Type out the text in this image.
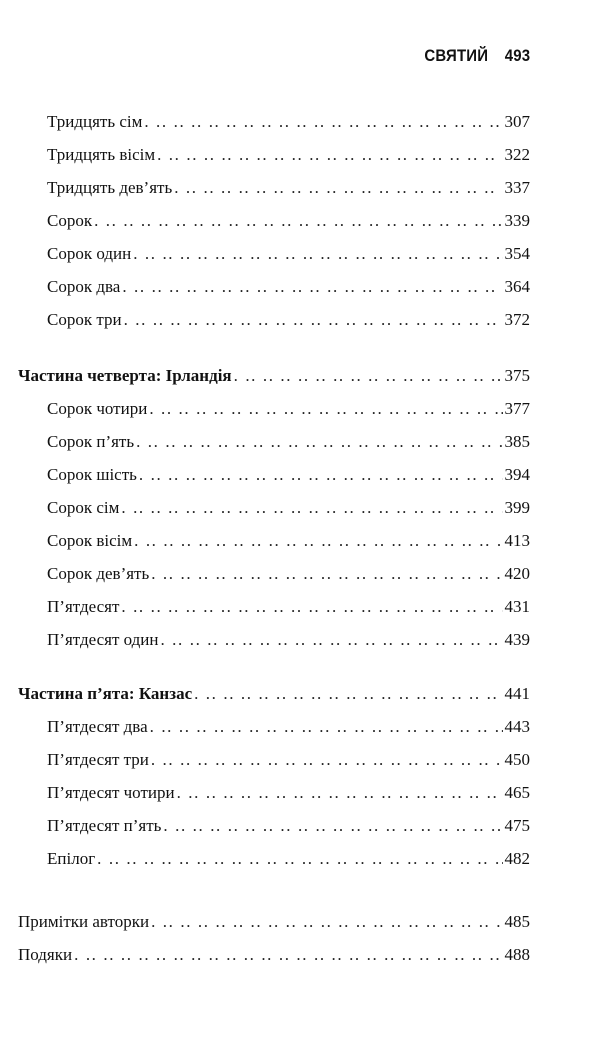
СВЯТИЙ 493
Тридцять сім . ..	307
Тридцять вісім . ..	322
Тридцять дев’ять . ..	337
Сорок . ..	339
Сорок один . ..	354
Сорок два . ..	364
Сорок три . ..	372
Частина четверта: Ірландія . ..	375
Сорок чотири . ..	377
Сорок п’ять . ..	385
Сорок шість . ..	394
Сорок сім . ..	399
Сорок вісім . ..	413
Сорок дев’ять . ..	420
П’ятдесят . ..	431
П’ятдесят один . ..	439
Частина п’ята: Канзас . ..	441
П’ятдесят два . ..	443
П’ятдесят три . ..	450
П’ятдесят чотири . ..	465
П’ятдесят п’ять . ..	475
Епілог . ..	482
Примітки авторки . ..	485
Подяки . ..	488
